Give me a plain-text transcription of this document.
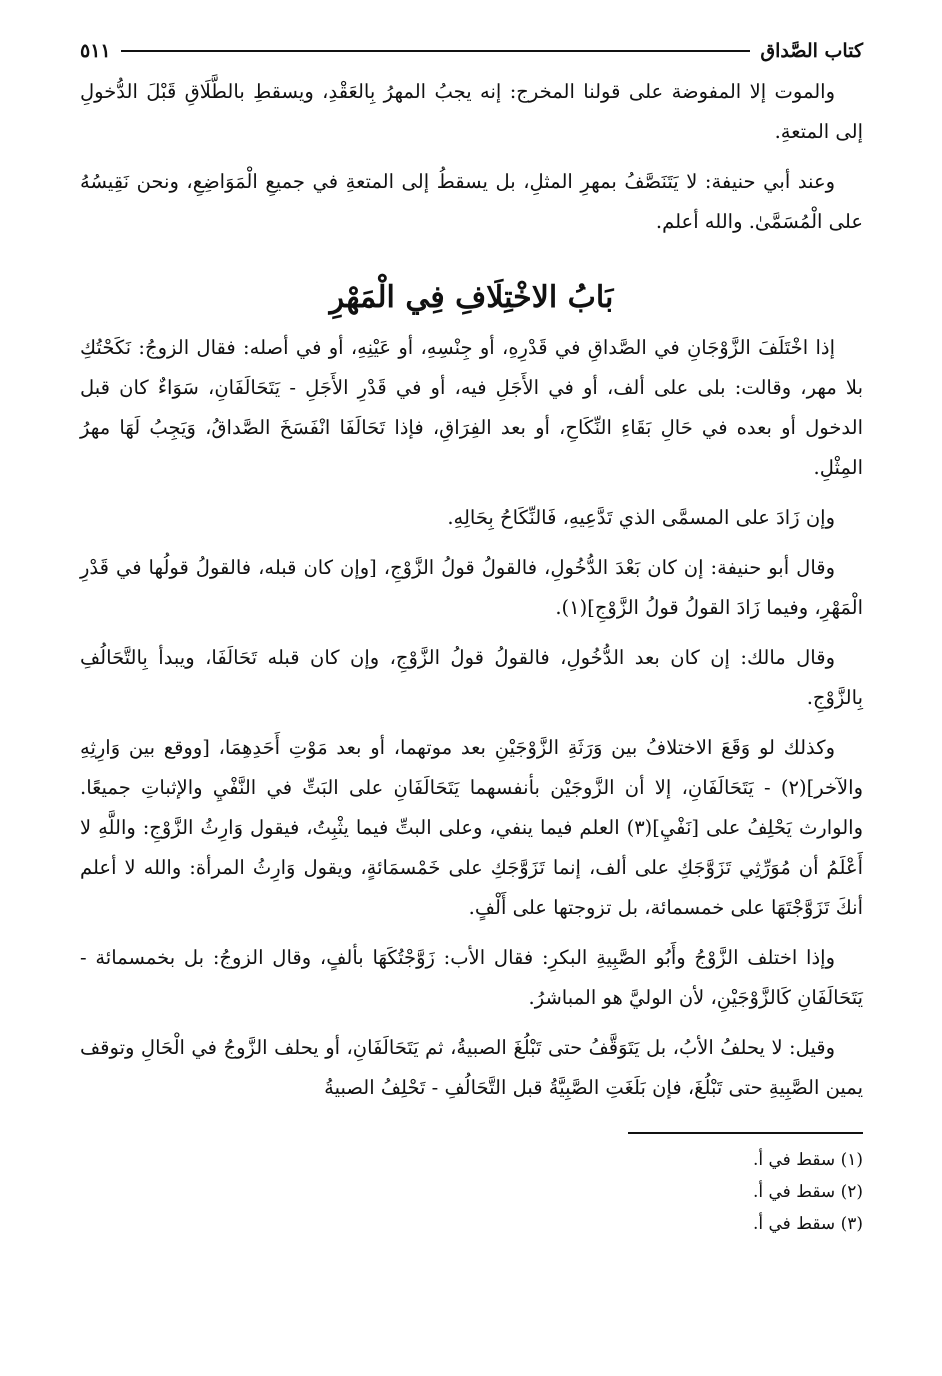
كتاب الصَّداق
٥١١

والموت إلا المفوضة على قولنا المخرج: إنه يجبُ المهرُ بِالعَقْدِ، ويسقطِ بالطَّلَاقِ قَبْلَ الدُّخولِ إلى المتعةِ.

وعند أبي حنيفة: لا يَتَنَصَّفُ بمهرِ المثلِ، بل يسقطُ إلى المتعةِ في جميعِ الْمَوَاضِعِ، ونحن نَقِيسُهُ على الْمُسَمَّىٰ. والله أعلم.

بَابُ الاخْتِلَافِ فِي الْمَهْرِ

إذا اخْتَلَفَ الزَّوْجَانِ في الصَّداقِ في قَدْرِهِ، أو جِنْسِهِ، أو عَيْنِهِ، أو في أصله: فقال الزوجُ: نَكَحْتُكِ بلا مهر، وقالت: بلى على ألف، أو في الأَجَلِ فيه، أو في قَدْرِ الأَجَلِ - يَتَحَالَفَانِ، سَوَاءٌ كان قبل الدخول أو بعده في حَالِ بَقَاءِ النِّكَاحِ، أو بعد الفِرَاقِ، فإذا تَحَالَفَا انْفَسَخَ الصَّداقُ، وَيَجِبُ لَهَا مهرُ المِثْلِ.

وإن زَادَ على المسمَّى الذي تَدَّعِيهِ، فَالنِّكَاحُ بِحَالِهِ.

وقال أبو حنيفة: إن كان بَعْدَ الدُّخُولِ، فالقولُ قولُ الزَّوْجِ، [وإن كان قبله، فالقولُ قولُها في قَدْرِ الْمَهْرِ، وفيما زَادَ القولُ قولُ الزَّوْجِ](١).

وقال مالك: إن كان بعد الدُّخُولِ، فالقولُ قولُ الزَّوْجِ، وإن كان قبله تَحَالَفَا، ويبدأ بِالتَّحَالُفِ بِالزَّوْجِ.

وكذلك لو وَقَعَ الاختلافُ بين وَرَثَةِ الزَّوْجَيْنِ بعد موتهما، أو بعد مَوْتِ أَحَدِهِمَا، [ووقع بين وَارِثِهِ والآخر](٢) - يَتَحَالَفَانِ، إلا أن الزَّوجَيْن بأنفسهما يَتَحَالَفَانِ على البَتِّ في النَّفْيِ والإثباتِ جميعًا. والوارث يَحْلِفُ على [نَفْيِ](٣) العلم فيما ينفي، وعلى البتِّ فيما يثْبِتُ، فيقول وَارِثُ الزَّوْجِ: واللَّهِ لا أَعْلَمُ أن مُوَرِّثِي تَزَوَّجَكِ على ألف، إنما تَزَوَّجَكِ على خَمْسمَائةٍ، ويقول وَارِثُ المرأة: والله لا أعلم أنكَ تَزَوَّجْتَهَا على خمسمائة، بل تزوجتها على أَلْفٍ.

وإذا اختلف الزَّوْجُ وأَبُو الصَّبِيةِ البكرِ: فقال الأب: زَوَّجْتُكَهَا بألفٍ، وقال الزوجُ: بل بخمسمائة - يَتَحَالَفَانِ كَالزَّوْجَيْنِ، لأن الوليَّ هو المباشرُ.

وقيل: لا يحلفُ الأبُ، بل يَتَوَقَّفُ حتى تَبْلُغَ الصبيةُ، ثم يَتَحَالَفَانِ، أو يحلف الزَّوجُ في الْحَالِ وتوقف يمين الصَّبِيةِ حتى تَبْلُغَ، فإن بَلَغَتِ الصَّبِيَّةُ قبل التَّحَالُفِ - تَحْلِفُ الصبيةُ

(١) سقط في أ.

(٢) سقط في أ.

(٣) سقط في أ.
